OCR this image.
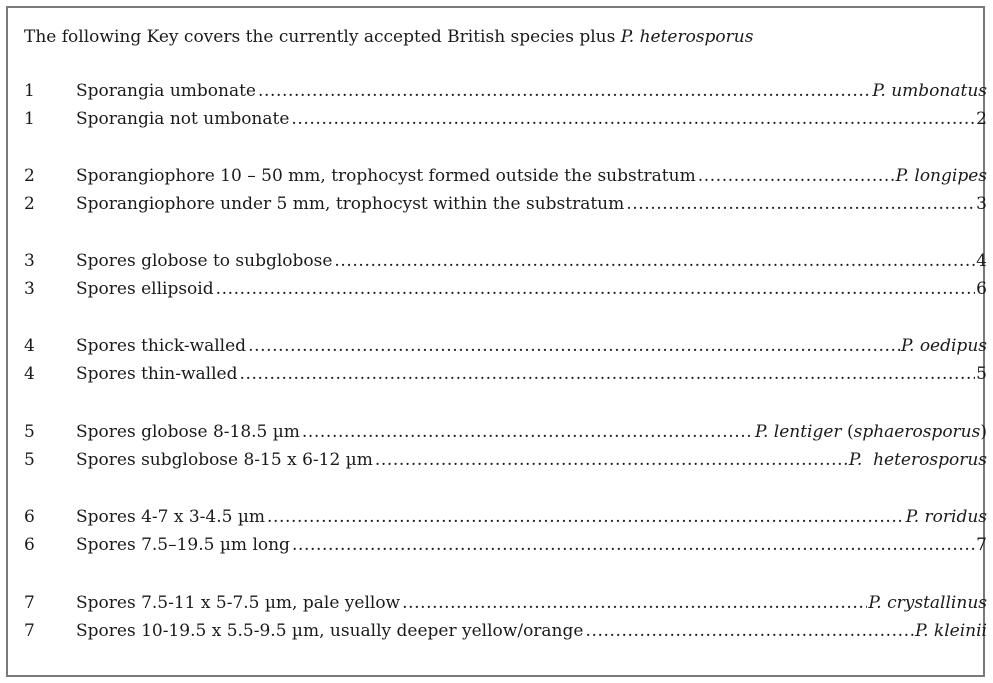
The following Key covers the currently accepted British species plus P. heterosporus
1	Sporangia umbonate .....	P. umbonatus
1	Sporangia not umbonate .....	2
2	Sporangiophore 10 – 50 mm, trophocyst formed outside the substratum .....	P. longipes
2	Sporangiophore under 5 mm, trophocyst within the substratum .....	3
3	Spores globose to subglobose .....	4
3	Spores ellipsoid .....	6
4	Spores thick-walled .....	P. oedipus
4	Spores thin-walled .....	5
5	Spores globose 8-18.5 µm .....	P. lentiger (sphaerosporus)
5	Spores subglobose 8-15 x 6-12 µm .....	P.  heterosporus
6	Spores 4-7 x 3-4.5 µm .....	P. roridus
6	Spores 7.5–19.5 µm long .....	7
7	Spores 7.5-11 x 5-7.5 µm, pale yellow .....	P. crystallinus
7	Spores 10-19.5 x 5.5-9.5 µm, usually deeper yellow/orange .....	P. kleinii
